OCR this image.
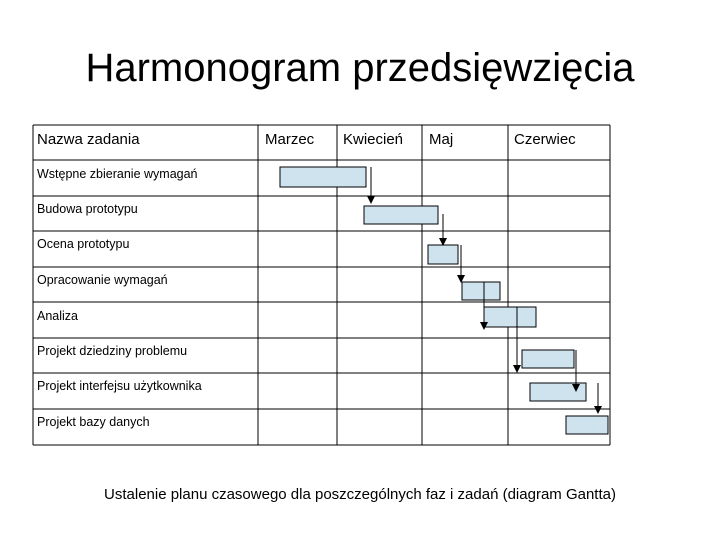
Harmonogram przedsięwzięcia
Nazwa zadania	Marzec Kwiecień Maj	Czerwiec
Wstępne zbieranie wymagań
Budowa prototypu
Ocena prototypu
Opracowanie wymagań
Analiza
Projekt dziedziny problemu
Projekt interfejsu użytkownika
Projekt bazy danych
Ustalenie planu czasowego dla poszczególnych faz i zadań (diagram Gantta)
